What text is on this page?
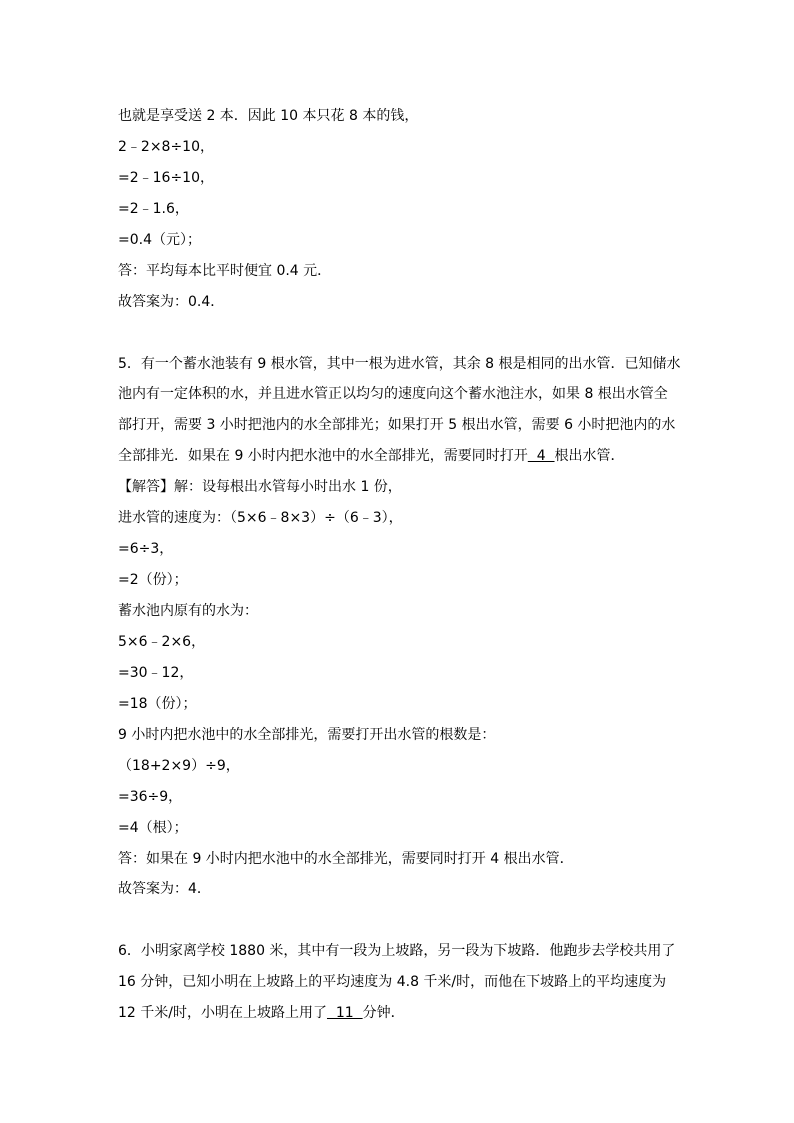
也就是享受送 2 本．因此 10 本只花 8 本的钱，
2﹣2×8÷10，
=2﹣16÷10，
=2﹣1.6，
=0.4（元）；
答：平均每本比平时便宜 0.4 元．
故答案为：0.4．
5．有一个蓄水池装有 9 根水管，其中一根为进水管，其余 8 根是相同的出水管．已知储水
池内有一定体积的水，并且进水管正以均匀的速度向这个蓄水池注水，如果 8 根出水管全
部打开，需要 3 小时把池内的水全部排光；如果打开 5 根出水管，需要 6 小时把池内的水
全部排光．如果在 9 小时内把水池中的水全部排光，需要同时打开  4  根出水管．
【解答】解：设每根出水管每小时出水 1 份，
进水管的速度为：（5×6﹣8×3）÷（6﹣3），
=6÷3，
=2（份）；
蓄水池内原有的水为：
5×6﹣2×6，
=30﹣12，
=18（份）；
9 小时内把水池中的水全部排光，需要打开出水管的根数是：
（18+2×9）÷9，
=36÷9，
=4（根）；
答：如果在 9 小时内把水池中的水全部排光，需要同时打开 4 根出水管．
故答案为：4．
6．小明家离学校 1880 米，其中有一段为上坡路，另一段为下坡路．他跑步去学校共用了
16 分钟，已知小明在上坡路上的平均速度为 4.8 千米/时，而他在下坡路上的平均速度为
12 千米/时，小明在上坡路上用了  11  分钟．
